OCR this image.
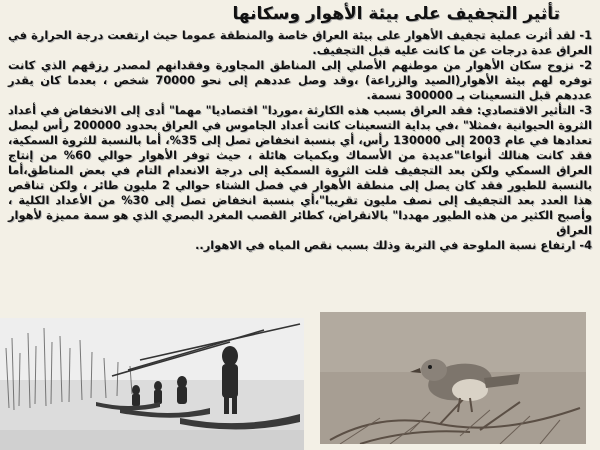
تأثير التجفيف على بيئة الأهوار وسكانها

1- لقد أثرت عملية تجفيف الأهوار على بيئة العراق خاصة والمنطقة عموما حيث ارتفعت درجة الحرارة في العراق عدة درجات عن ما كانت عليه قبل التجفيف.

2- نزوح سكان الأهوار من موطنهم الأصلي إلى المناطق المجاورة وفقدانهم لمصدر رزقهم الذي كانت توفره لهم بيئة الأهوار(الصيد والزراعة) ،وقد وصل عددهم إلى نحو 70000 شخص ، بعدما كان يقدر عددهم قبل التسعينات بـ 300000 نسمة.

3- التأثير الاقتصادي: فقد العراق بسبب هذه الكارثة ،موردا" اقتصاديا" مهما" أدى إلى الانخفاض في أعداد الثروة الحيوانية ،فمثلا" ،في بداية التسعينات كانت أعداد الجاموس في العراق بحدود 200000 رأس ليصل تعدادها في عام 2003 إلى 130000 رأس، أي بنسبة انخفاض تصل إلى 35%، أما بالنسبة للثروة السمكية، فقد كانت هنالك أنواعا"عديدة من الأسماك وبكميات هائلة ، حيث توفر الأهوار حوالي 60% من إنتاج العراق السمكي ولكن بعد التجفيف قلت الثروة السمكية إلى درجة الانعدام التام في بعض المناطق،أما بالنسبة للطيور فقد كان يصل إلى منطقة الأهوار في فصل الشتاء حوالي 2 مليون طائر ، ولكن تناقص هذا العدد بعد التجفيف إلى نصف مليون تقريبا"،أي بنسبة انخفاض تصل إلى 30% من الأعداد الكلية ، وأصبح الكثير من هذه الطيور مهددا" بالانقراض، كطائر القصب المغرد البصري الذي هو سمة مميزة لأهوار العراق

4- ارتفاع نسبة الملوحة في التربة وذلك بسبب نقص المياه في الاهوار..
